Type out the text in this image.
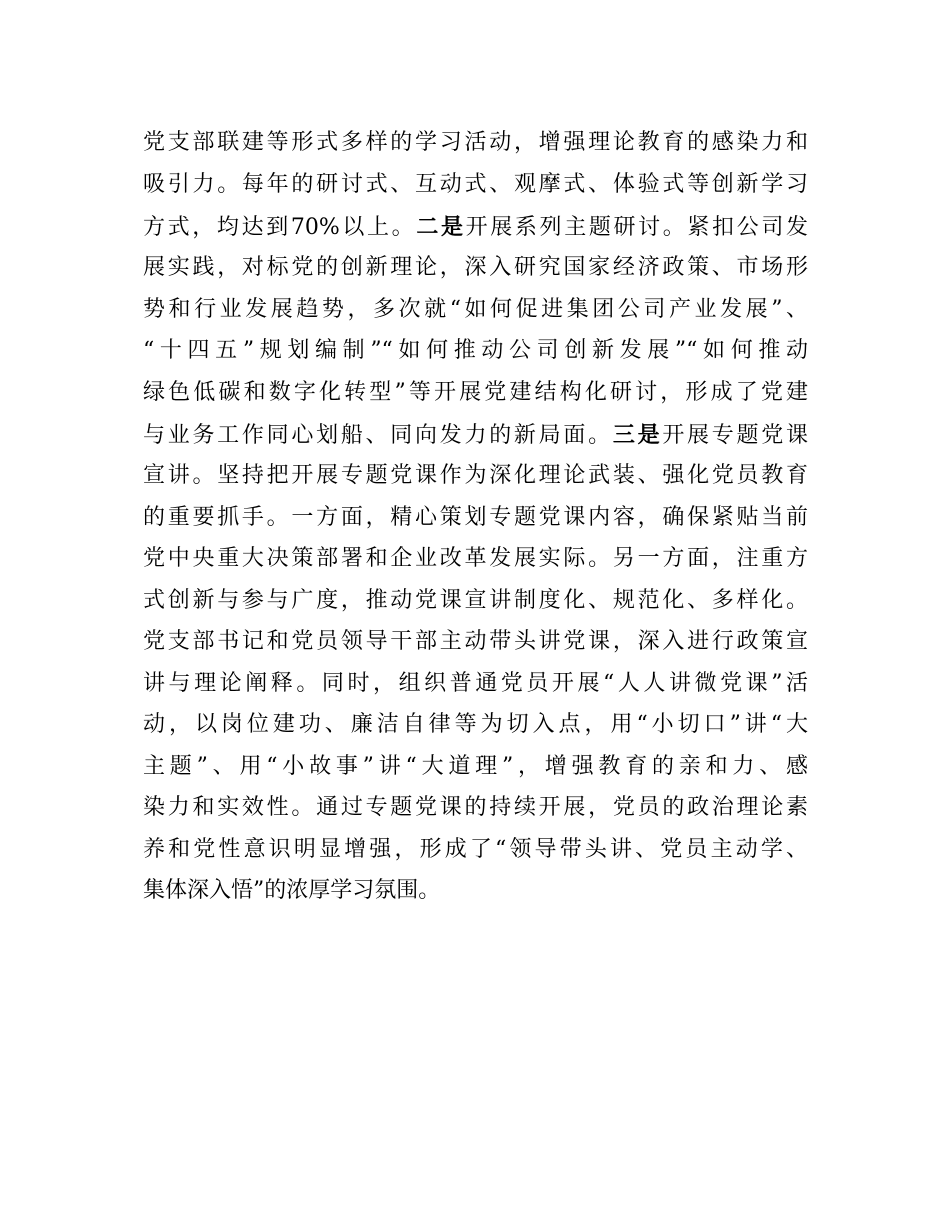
党支部联建等形式多样的学习活动，增强理论教育的感染力和
吸引力。每年的研讨式、互动式、观摩式、体验式等创新学习
方式，均达到70%以上。二是开展系列主题研讨。紧扣公司发
展实践，对标党的创新理论，深入研究国家经济政策、市场形
势和行业发展趋势，多次就“如何促进集团公司产业发展”、
“十四五”规划编制”“如何推动公司创新发展”“如何推动
绿色低碳和数字化转型”等开展党建结构化研讨，形成了党建
与业务工作同心划船、同向发力的新局面。三是开展专题党课
宣讲。坚持把开展专题党课作为深化理论武装、强化党员教育
的重要抓手。一方面，精心策划专题党课内容，确保紧贴当前
党中央重大决策部署和企业改革发展实际。另一方面，注重方
式创新与参与广度，推动党课宣讲制度化、规范化、多样化。
党支部书记和党员领导干部主动带头讲党课，深入进行政策宣
讲与理论阐释。同时，组织普通党员开展“人人讲微党课”活
动，以岗位建功、廉洁自律等为切入点，用“小切口”讲“大
主题”、用“小故事”讲“大道理”，增强教育的亲和力、感
染力和实效性。通过专题党课的持续开展，党员的政治理论素
养和党性意识明显增强，形成了“领导带头讲、党员主动学、
集体深入悟”的浓厚学习氛围。
